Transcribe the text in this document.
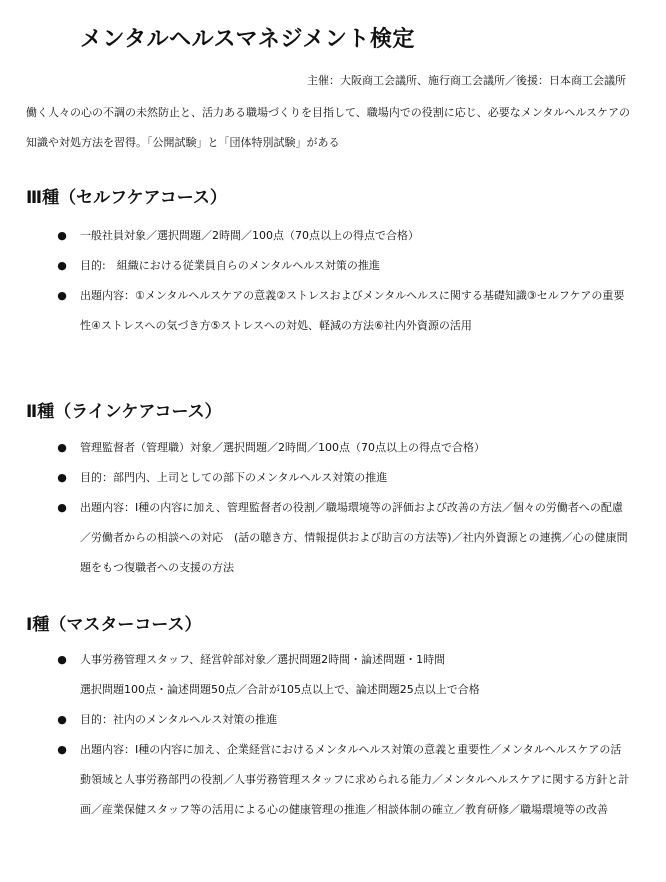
メンタルヘルスマネジメント検定
主催：大阪商工会議所、施行商工会議所／後援：日本商工会議所
働く人々の心の不調の未然防止と、活力ある職場づくりを目指して、職場内での役割に応じ、必要なメンタルヘルスケアの知識や対処方法を習得。「公開試験」と「団体特別試験」がある
Ⅲ種（セルフケアコース）
● 一般社員対象／選択問題／2時間／100点（70点以上の得点で合格）
● 目的:　組織における従業員自らのメンタルヘルス対策の推進
● 出題内容：①メンタルヘルスケアの意義②ストレスおよびメンタルヘルスに関する基礎知識③セルフケアの重要性④ストレスへの気づき方⑤ストレスへの対処、軽減の方法⑥社内外資源の活用
Ⅱ種（ラインケアコース）
● 管理監督者（管理職）対象／選択問題／2時間／100点（70点以上の得点で合格）
● 目的：部門内、上司としての部下のメンタルヘルス対策の推進
● 出題内容：Ⅰ種の内容に加え、管理監督者の役割／職場環境等の評価および改善の方法／個々の労働者への配慮／労働者からの相談への対応　(話の聴き方、情報提供および助言の方法等)／社内外資源との連携／心の健康問題をもつ復職者への支援の方法
Ⅰ種（マスターコース）
● 人事労務管理スタッフ、経営幹部対象／選択問題2時間・論述問題・1時間
選択問題100点・論述問題50点／合計が105点以上で、論述問題25点以上で合格
● 目的：社内のメンタルヘルス対策の推進
● 出題内容：Ⅰ種の内容に加え、企業経営におけるメンタルヘルス対策の意義と重要性／メンタルヘルスケアの活動領域と人事労務部門の役割／人事労務管理スタッフに求められる能力／メンタルヘルスケアに関する方針と計画／産業保健スタッフ等の活用による心の健康管理の推進／相談体制の確立／教育研修／職場環境等の改善
